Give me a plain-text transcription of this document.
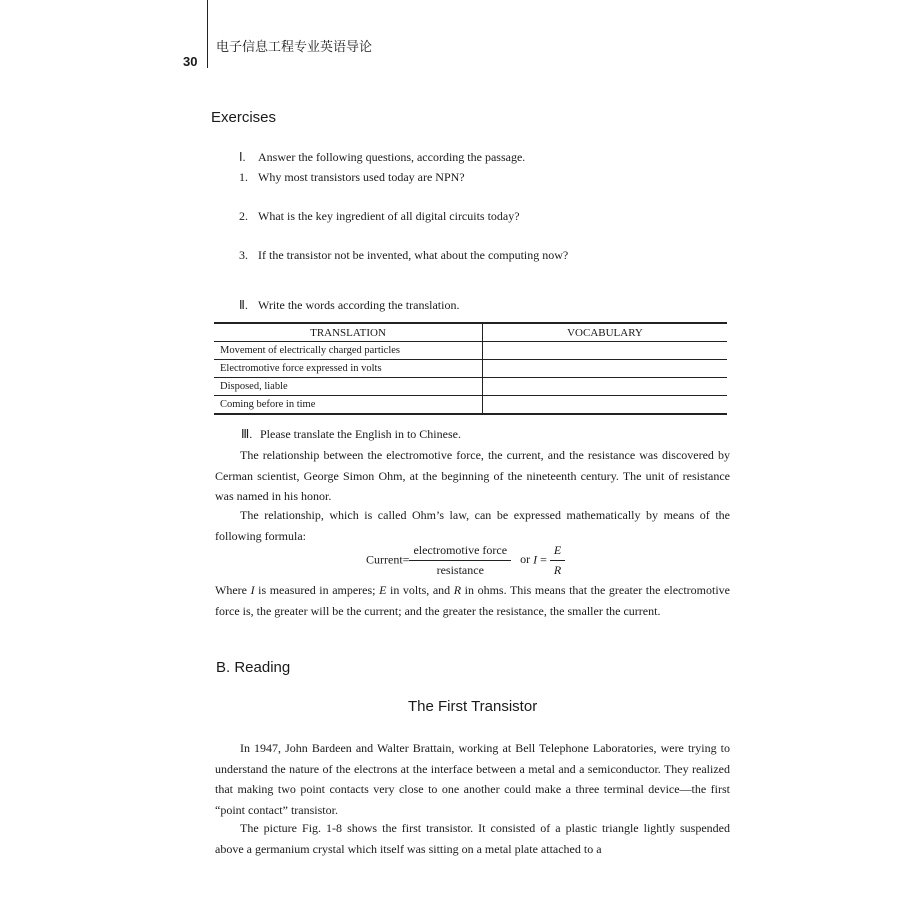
电子信息工程专业英语导论
30
Exercises
Ⅰ. Answer the following questions, according the passage.
1. Why most transistors used today are NPN?
2. What is the key ingredient of all digital circuits today?
3. If the transistor not be invented, what about the computing now?
Ⅱ. Write the words according the translation.
TRANSLATION	VOCABULARY
Movement of electrically charged particles	
Electromotive force expressed in volts	
Disposed, liable	
Coming before in time	
Ⅲ. Please translate the English in to Chinese.

The relationship between the electromotive force, the current, and the resistance was discovered by Cerman scientist, George Simon Ohm, at the beginning of the nineteenth century. The unit of resistance was named in his honor.

The relationship, which is called Ohm’s law, can be expressed mathematically by means of the following formula:

Current= $\frac{\text{electromotive force}}{\text{resistance}}$ or $I = \frac{E}{R}$

Where I is measured in amperes; E in volts, and R in ohms. This means that the greater the electromotive force is, the greater will be the current; and the greater the resistance, the smaller the current.

B. Reading
The First Transistor

In 1947, John Bardeen and Walter Brattain, working at Bell Telephone Laboratories, were trying to understand the nature of the electrons at the interface between a metal and a semiconductor. They realized that making two point contacts very close to one another could make a three terminal device—the first “point contact” transistor.

The picture Fig. 1-8 shows the first transistor. It consisted of a plastic triangle lightly suspended above a germanium crystal which itself was sitting on a metal plate attached to a
